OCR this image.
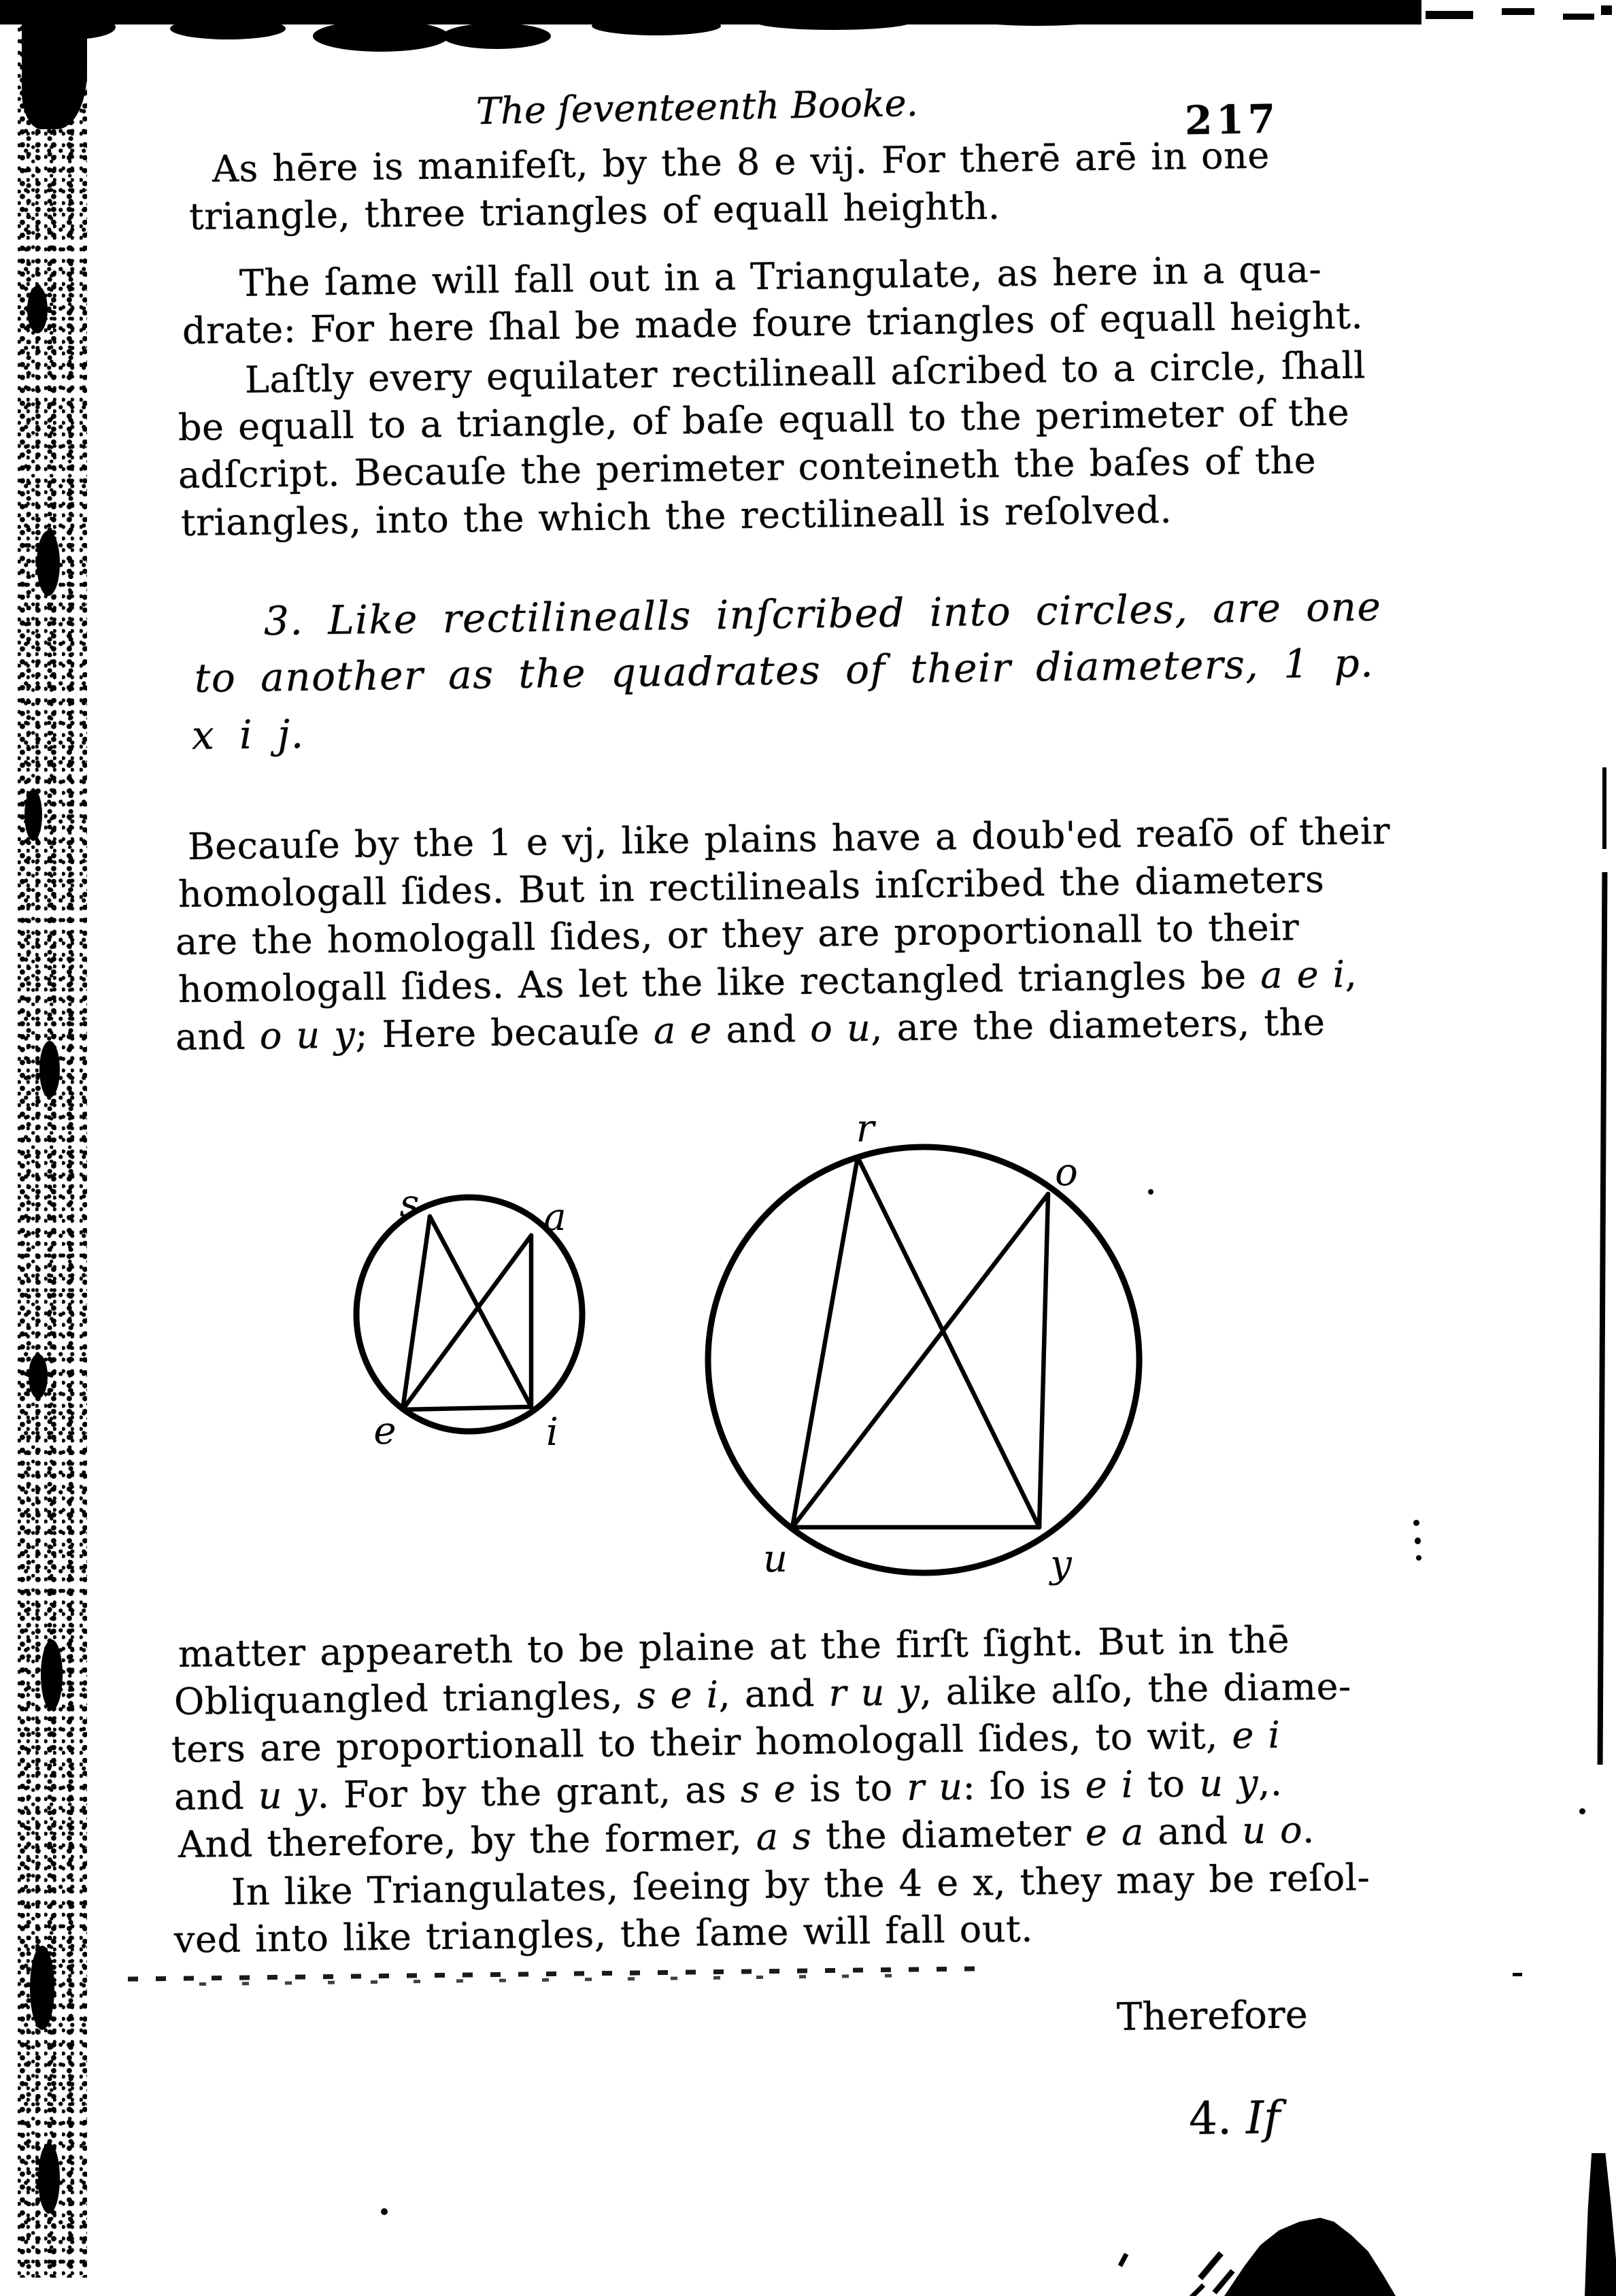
The ſeventeenth Booke.	217
As hēre is manifeſt, by the 8 e vij. For therē arē in one
triangle, three triangles of equall heighth.
The ſame will fall out in a Triangulate, as here in a qua-
drate: For here ſhal be made foure triangles of equall height.
Laſtly every equilater rectilineall aſcribed to a circle, ſhall
be equall to a triangle, of baſe equall to the perimeter of the
adſcript. Becauſe the perimeter conteineth the baſes of the
triangles, into the which the rectilineall is reſolved.
3. Like rectilinealls inſcribed into circles, are one
to another as the quadrates of their diameters, 1 p.
x i j.
Becauſe by the 1 e vj, like plains have a doub'ed reaſō of their
homologall ſides. But in rectilineals inſcribed the diameters
are the homologall ſides, or they are proportionall to their
homologall ſides. As let the like rectangled triangles be a e i,
and o u y; Here becauſe a e and o u, are the diameters, the
matter appeareth to be plaine at the firſt ſight. But in thē
Obliquangled triangles, s e i, and r u y, alike alſo, the diame-
ters are proportionall to their homologall ſides, to wit, e i
and u y. For by the grant, as s e is to r u: ſo is e i to u y,.
And therefore, by the former, a s the diameter e a and u o.
In like Triangulates, ſeeing by the 4 e x, they may be reſol-
ved into like triangles, the ſame will fall out.
Therefore
4. If
s	a
e	i
r
o
u	y
